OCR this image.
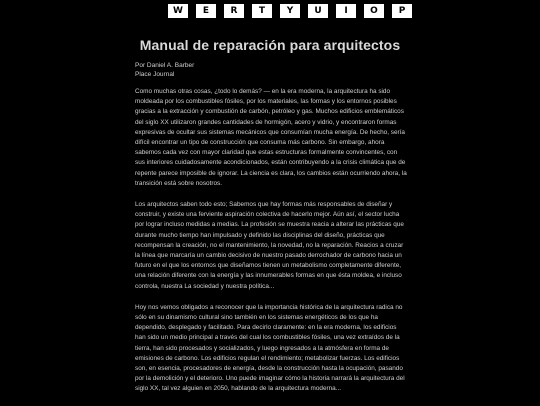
W	E	R	T	Y	U	I	O	P
Manual de reparación para arquitectos
Por Daniel A. Barber
Place Journal

Como muchas otras cosas, ¿todo lo demás? — en la era moderna, la arquitectura ha sido moldeada por los combustibles fósiles, por los materiales, las formas y los entornos posibles gracias a la extracción y combustión de carbón, petróleo y gas. Muchos edificios emblemáticos del siglo XX utilizaron grandes cantidades de hormigón, acero y vidrio, y encontraron formas expresivas de ocultar sus sistemas mecánicos que consumían mucha energía. De hecho, sería difícil encontrar un tipo de construcción que consuma más carbono. Sin embargo, ahora sabemos cada vez con mayor claridad que estas estructuras formalmente convincentes, con sus interiores cuidadosamente acondicionados, están contribuyendo a la crisis climática que de repente parece imposible de ignorar. La ciencia es clara, los cambios están ocurriendo ahora, la transición está sobre nosotros.

Los arquitectos saben todo esto; Sabemos que hay formas más responsables de diseñar y construir, y existe una ferviente aspiración colectiva de hacerlo mejor. Aún así, el sector lucha por lograr incluso medidas a medias. La profesión se muestra reacia a alterar las prácticas que durante mucho tiempo han impulsado y definido las disciplinas del diseño, prácticas que recompensan la creación, no el mantenimiento, la novedad, no la reparación. Reacios a cruzar la línea que marcaría un cambio decisivo de nuestro pasado derrochador de carbono hacia un futuro en el que los entornos que diseñamos tienen un metabolismo completamente diferente, una relación diferente con la energía y las innumerables formas en que ésta moldea, e incluso controla, nuestra La sociedad y nuestra política...

Hoy nos vemos obligados a reconocer que la importancia histórica de la arquitectura radica no sólo en su dinamismo cultural sino también en los sistemas energéticos de los que ha dependido, desplegado y facilitado. Para decirlo claramente: en la era moderna, los edificios han sido un medio principal a través del cual los combustibles fósiles, una vez extraídos de la tierra, han sido procesados y socializados, y luego ingresados a la atmósfera en forma de emisiones de carbono. Los edificios regulan el rendimiento; metabolizar fuerzas. Los edificios son, en esencia, procesadores de energía, desde la construcción hasta la ocupación, pasando por la demolición y el deterioro. Uno puede imaginar cómo la historia narrará la arquitectura del siglo XX, tal vez alguien en 2050, hablando de la arquitectura moderna...
